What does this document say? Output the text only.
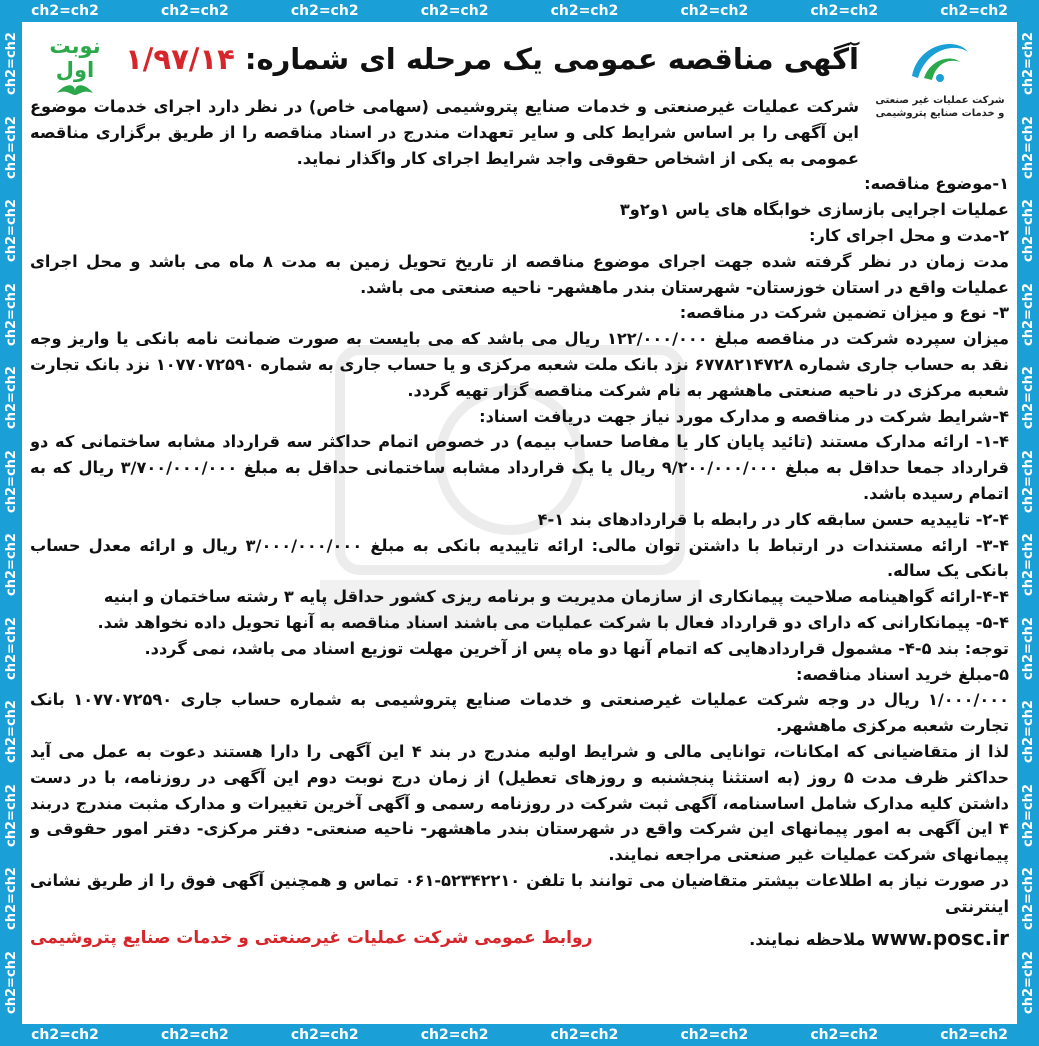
ch2=ch2	ch2=ch2	ch2=ch2	ch2=ch2	ch2=ch2	ch2=ch2	ch2=ch2	ch2=ch2
ch2=ch2	ch2=ch2	ch2=ch2	ch2=ch2	ch2=ch2	ch2=ch2	ch2=ch2	ch2=ch2
ch2=ch2
ch2=ch2
ch2=ch2
ch2=ch2
ch2=ch2
ch2=ch2
ch2=ch2
ch2=ch2
ch2=ch2
ch2=ch2
ch2=ch2
ch2=ch2
ch2=ch2
ch2=ch2
ch2=ch2
ch2=ch2
ch2=ch2
ch2=ch2
ch2=ch2
ch2=ch2
ch2=ch2
ch2=ch2
ch2=ch2
ch2=ch2
شرکت عملیات غیر صنعتی
و خدمات صنایع پتروشیمی
آگهی مناقصه عمومی یک مرحله ای شماره: ۱/۹۷/۱۴
نوبت اول

شرکت عملیات غیرصنعتی و خدمات صنایع پتروشیمی (سهامی خاص) در نظر دارد اجرای خدمات موضوع این آگهی را بر اساس شرایط کلی و سایر تعهدات مندرج در اسناد مناقصه را از طریق برگزاری مناقصه عمومی به یکی از اشخاص حقوقی واجد شرایط اجرای کار واگذار نماید.

۱-موضوع مناقصه:

عملیات اجرایی بازسازی خوابگاه های یاس ۱و۲و۳

۲-مدت و محل اجرای کار:

مدت زمان در نظر گرفته شده جهت اجرای موضوع مناقصه از تاریخ تحویل زمین به مدت ۸ ماه می باشد و محل اجرای عملیات واقع در استان خوزستان- شهرستان بندر ماهشهر- ناحیه صنعتی می باشد.

۳- نوع و میزان تضمین شرکت در مناقصه:

میزان سپرده شرکت در مناقصه مبلغ ۱۲۲/۰۰۰/۰۰۰ ریال می باشد که می بایست به صورت ضمانت نامه بانکی یا واریز وجه نقد به حساب جاری شماره ۶۷۷۸۲۱۴۷۲۸ نزد بانک ملت شعبه مرکزی و یا حساب جاری به شماره ۱۰۷۷۰۷۲۵۹۰ نزد بانک تجارت شعبه مرکزی در ناحیه صنعتی ماهشهر به نام شرکت مناقصه گزار تهیه گردد.

۴-شرایط شرکت در مناقصه و مدارک مورد نیاز جهت دریافت اسناد:

۱-۴- ارائه مدارک مستند (تائید پایان کار یا مفاصا حساب بیمه) در خصوص اتمام حداکثر سه قرارداد مشابه ساختمانی که دو قرارداد جمعا حداقل به مبلغ ۹/۲۰۰/۰۰۰/۰۰۰ ریال یا یک قرارداد مشابه ساختمانی حداقل به مبلغ ۳/۷۰۰/۰۰۰/۰۰۰ ریال که به اتمام رسیده باشد.

۲-۴- تاییدیه حسن سابقه کار در رابطه با قراردادهای بند ۱-۴

۳-۴- ارائه مستندات در ارتباط با داشتن توان مالی: ارائه تاییدیه بانکی به مبلغ ۳/۰۰۰/۰۰۰/۰۰۰ ریال و ارائه معدل حساب بانکی یک ساله.

۴-۴-ارائه گواهینامه صلاحیت پیمانکاری از سازمان مدیریت و برنامه ریزی کشور حداقل پایه ۳ رشته ساختمان و ابنیه

۵-۴- پیمانکارانی که دارای دو قرارداد فعال با شرکت عملیات می باشند اسناد مناقصه به آنها تحویل داده نخواهد شد.

توجه: بند ۵-۴- مشمول قراردادهایی که اتمام آنها دو ماه پس از آخرین مهلت توزیع اسناد می باشد، نمی گردد.

۵-مبلغ خرید اسناد مناقصه:

۱/۰۰۰/۰۰۰ ریال در وجه شرکت عملیات غیرصنعتی و خدمات صنایع پتروشیمی به شماره حساب جاری ۱۰۷۷۰۷۲۵۹۰ بانک تجارت شعبه مرکزی ماهشهر.

لذا از متقاضیانی که امکانات، توانایی مالی و شرایط اولیه مندرج در بند ۴ این آگهی را دارا هستند دعوت به عمل می آید حداکثر ظرف مدت ۵ روز (به استثنا پنجشنبه و روزهای تعطیل) از زمان درج نوبت دوم این آگهی در روزنامه، با در دست داشتن کلیه مدارک شامل اساسنامه، آگهی ثبت شرکت در روزنامه رسمی و آگهی آخرین تغییرات و مدارک مثبت مندرج دربند ۴ این آگهی به امور پیمانهای این شرکت واقع در شهرستان بندر ماهشهر- ناحیه صنعتی- دفتر مرکزی- دفتر امور حقوقی و پیمانهای شرکت عملیات غیر صنعتی مراجعه نمایند.

در صورت نیاز به اطلاعات بیشتر متقاضیان می توانند با تلفن ۵۲۳۴۲۲۱۰-۰۶۱ تماس و همچنین آگهی فوق را از طریق نشانی اینترنتی

www.posc.ir ملاحظه نمایند.
روابط عمومی شرکت عملیات غیرصنعتی و خدمات صنایع پتروشیمی
